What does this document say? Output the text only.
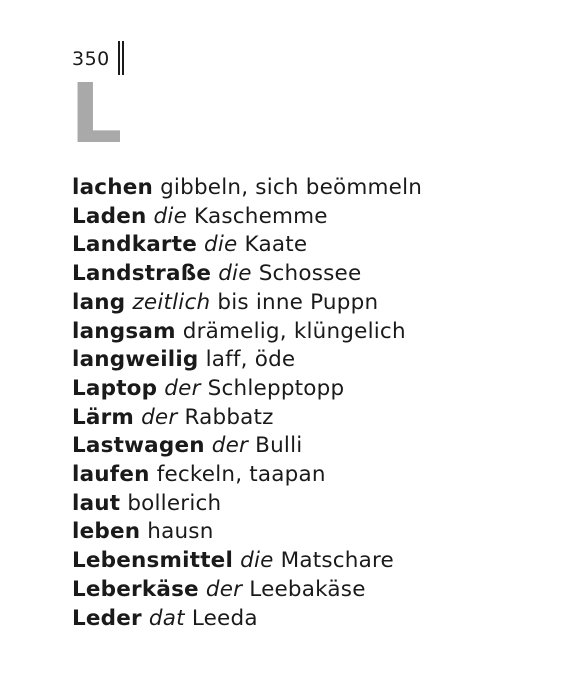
350
L
lachen gibbeln, sich beömmeln
Laden die Kaschemme
Landkarte die Kaate
Landstraße die Schossee
lang zeitlich bis inne Puppn
langsam drämelig, klüngelich
langweilig laff, öde
Laptop der Schlepptopp
Lärm der Rabbatz
Lastwagen der Bulli
laufen feckeln, taapan
laut bollerich
leben hausn
Lebensmittel die Matschare
Leberkäse der Leebakäse
Leder dat Leeda
